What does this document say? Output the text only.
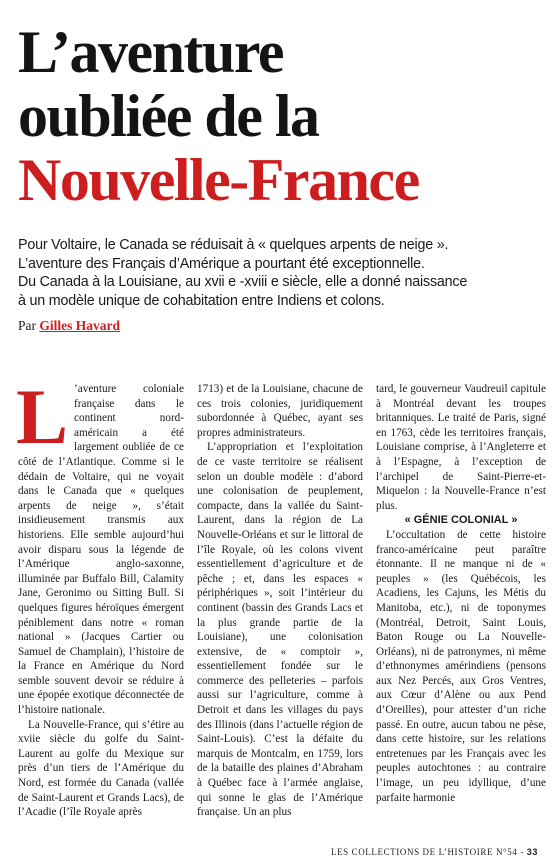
L’aventure
oubliée de la
Nouvelle-France
Pour Voltaire, le Canada se réduisait à « quelques arpents de neige ».
L’aventure des Français d’Amérique a pourtant été exceptionnelle.
Du Canada à la Louisiane, au xvii e -xviii e siècle, elle a donné naissance
à un modèle unique de cohabitation entre Indiens et colons.
Par Gilles Havard
L ’aventure coloniale française dans le continent nord-américain a été largement oubliée de ce côté de l’Atlantique. Comme si le dédain de Voltaire, qui ne voyait dans le Canada que « quelques arpents de neige », s’était insidieusement transmis aux historiens. Elle semble aujourd’hui avoir disparu sous la légende de l’Amérique anglo-saxonne, illuminée par Buffalo Bill, Calamity Jane, Geronimo ou Sitting Bull. Si quelques figures héroïques émergent péniblement dans notre « roman national » (Jacques Cartier ou Samuel de Champlain), l’histoire de la France en Amérique du Nord semble souvent devoir se réduire à une épopée exotique déconnectée de l’histoire nationale.

La Nouvelle-France, qui s’étire au xviie siècle du golfe du Saint-Laurent au golfe du Mexique sur près d’un tiers de l’Amérique du Nord, est formée du Canada (vallée de Saint-Laurent et Grands Lacs), de l’Acadie (l’île Royale après

1713) et de la Louisiane, chacune de ces trois colonies, juridiquement subordonnée à Québec, ayant ses propres administrateurs.

L’appropriation et l’exploitation de ce vaste territoire se réalisent selon un double modèle : d’abord une colonisation de peuplement, compacte, dans la vallée du Saint-Laurent, dans la région de La Nouvelle-Orléans et sur le littoral de l’île Royale, où les colons vivent essentiellement d’agriculture et de pêche ; et, dans les espaces « périphériques », soit l’intérieur du continent (bassin des Grands Lacs et la plus grande partie de la Louisiane), une colonisation extensive, de « comptoir », essentiellement fondée sur le commerce des pelleteries – parfois aussi sur l’agriculture, comme à Detroit et dans les villages du pays des Illinois (dans l’actuelle région de Saint-Louis). C’est la défaite du marquis de Montcalm, en 1759, lors de la bataille des plaines d’Abraham à Québec face à l’armée anglaise, qui sonne le glas de l’Amérique française. Un an plus

tard, le gouverneur Vaudreuil capitule à Montréal devant les troupes britanniques. Le traité de Paris, signé en 1763, cède les territoires français, Louisiane comprise, à l’Angleterre et à l’Espagne, à l’exception de l’archipel de Saint-Pierre-et-Miquelon : la Nouvelle-France n’est plus.

« GÉNIE COLONIAL »

L’occultation de cette histoire franco-américaine peut paraître étonnante. Il ne manque ni de « peuples » (les Québécois, les Acadiens, les Cajuns, les Métis du Manitoba, etc.), ni de toponymes (Montréal, Detroit, Saint Louis, Baton Rouge ou La Nouvelle-Orléans), ni de patronymes, ni même d’ethnonymes amérindiens (pensons aux Nez Percés, aux Gros Ventres, aux Cœur d’Alène ou aux Pend d’Oreilles), pour attester d’un riche passé. En outre, aucun tabou ne pèse, dans cette histoire, sur les relations entretenues par les Français avec les peuples autochtones : au contraire l’image, un peu idyllique, d’une parfaite harmonie

LES COLLECTIONS DE L’HISTOIRE N°54 - 33
